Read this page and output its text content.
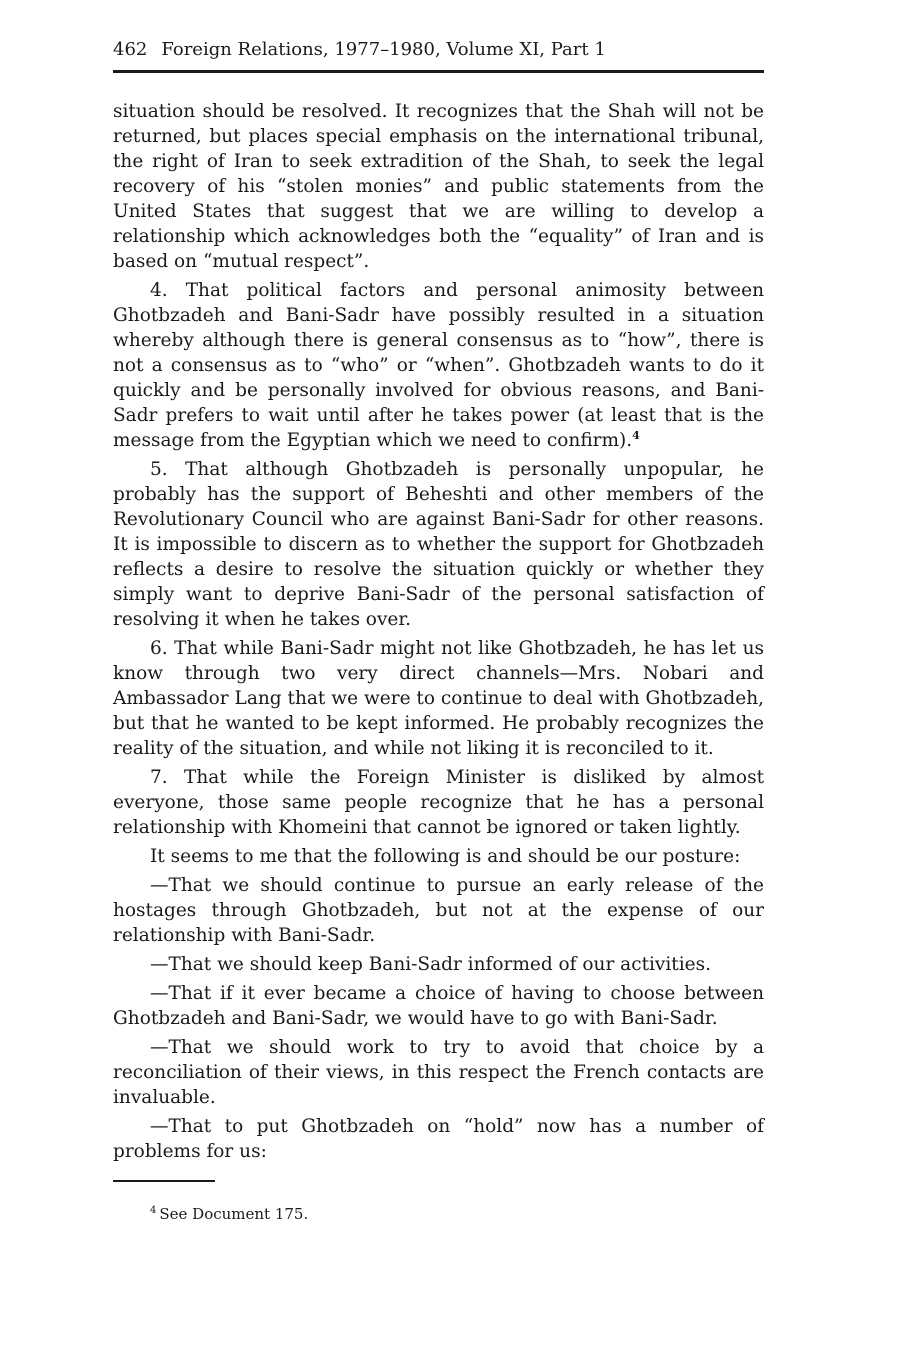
462 Foreign Relations, 1977–1980, Volume XI, Part 1

situation should be resolved. It recognizes that the Shah will not be returned, but places special emphasis on the international tribunal, the right of Iran to seek extradition of the Shah, to seek the legal recovery of his “stolen monies” and public statements from the United States that suggest that we are willing to develop a relationship which acknowledges both the “equality” of Iran and is based on “mutual respect”.

4. That political factors and personal animosity between Ghotbzadeh and Bani-Sadr have possibly resulted in a situation whereby although there is general consensus as to “how”, there is not a consensus as to “who” or “when”. Ghotbzadeh wants to do it quickly and be personally involved for obvious reasons, and Bani-Sadr prefers to wait until after he takes power (at least that is the message from the Egyptian which we need to confirm).$^4$

5. That although Ghotbzadeh is personally unpopular, he probably has the support of Beheshti and other members of the Revolutionary Council who are against Bani-Sadr for other reasons. It is impossible to discern as to whether the support for Ghotbzadeh reflects a desire to resolve the situation quickly or whether they simply want to deprive Bani-Sadr of the personal satisfaction of resolving it when he takes over.

6. That while Bani-Sadr might not like Ghotbzadeh, he has let us know through two very direct channels—Mrs. Nobari and Ambassador Lang that we were to continue to deal with Ghotbzadeh, but that he wanted to be kept informed. He probably recognizes the reality of the situation, and while not liking it is reconciled to it.

7. That while the Foreign Minister is disliked by almost everyone, those same people recognize that he has a personal relationship with Khomeini that cannot be ignored or taken lightly.

It seems to me that the following is and should be our posture:

—That we should continue to pursue an early release of the hostages through Ghotbzadeh, but not at the expense of our relationship with Bani-Sadr.

—That we should keep Bani-Sadr informed of our activities.

—That if it ever became a choice of having to choose between Ghotbzadeh and Bani-Sadr, we would have to go with Bani-Sadr.

—That we should work to try to avoid that choice by a reconciliation of their views, in this respect the French contacts are invaluable.

—That to put Ghotbzadeh on “hold” now has a number of problems for us:

$^4$ See Document 175.
